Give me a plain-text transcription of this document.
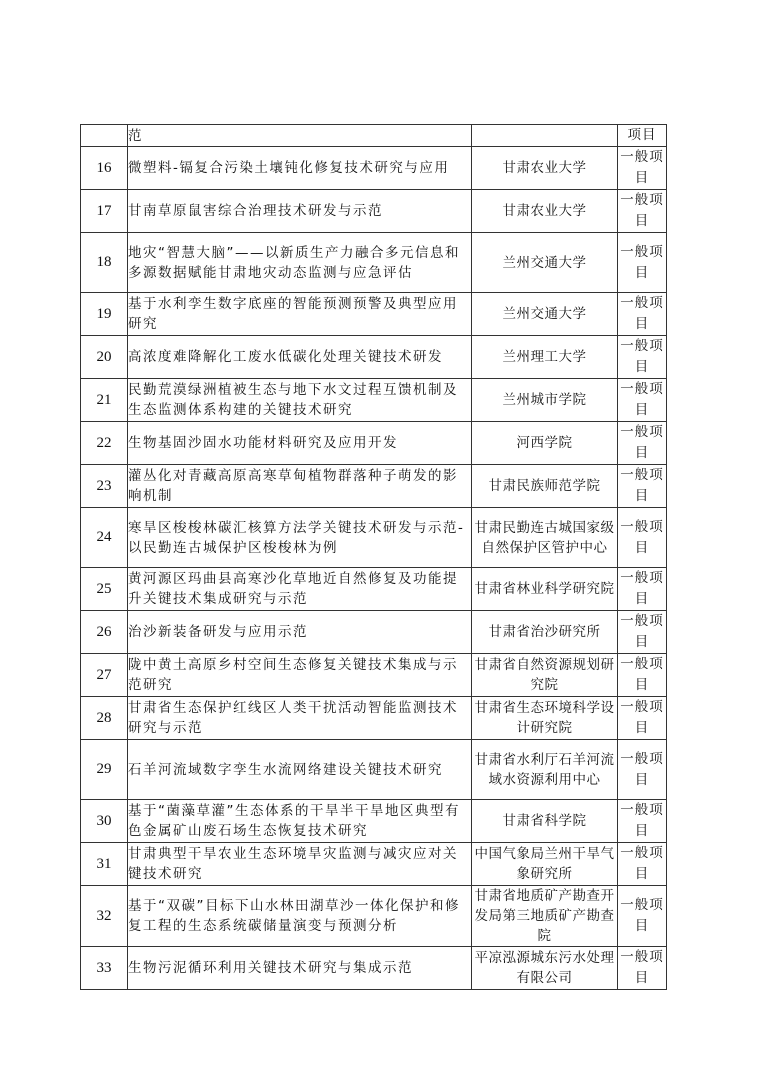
	范		项目
16	微塑料-镉复合污染土壤钝化修复技术研究与应用	甘肃农业大学	一般项目
17	甘南草原鼠害综合治理技术研发与示范	甘肃农业大学	一般项目
18	地灾“智慧大脑”——以新质生产力融合多元信息和多源数据赋能甘肃地灾动态监测与应急评估	兰州交通大学	一般项目
19	基于水利孪生数字底座的智能预测预警及典型应用研究	兰州交通大学	一般项目
20	高浓度难降解化工废水低碳化处理关键技术研发	兰州理工大学	一般项目
21	民勤荒漠绿洲植被生态与地下水文过程互馈机制及生态监测体系构建的关键技术研究	兰州城市学院	一般项目
22	生物基固沙固水功能材料研究及应用开发	河西学院	一般项目
23	灌丛化对青藏高原高寒草甸植物群落种子萌发的影响机制	甘肃民族师范学院	一般项目
24	寒旱区梭梭林碳汇核算方法学关键技术研发与示范-以民勤连古城保护区梭梭林为例	甘肃民勤连古城国家级自然保护区管护中心	一般项目
25	黄河源区玛曲县高寒沙化草地近自然修复及功能提升关键技术集成研究与示范	甘肃省林业科学研究院	一般项目
26	治沙新装备研发与应用示范	甘肃省治沙研究所	一般项目
27	陇中黄土高原乡村空间生态修复关键技术集成与示范研究	甘肃省自然资源规划研究院	一般项目
28	甘肃省生态保护红线区人类干扰活动智能监测技术研究与示范	甘肃省生态环境科学设计研究院	一般项目
29	石羊河流域数字孪生水流网络建设关键技术研究	甘肃省水利厅石羊河流域水资源利用中心	一般项目
30	基于“菌藻草灌”生态体系的干旱半干旱地区典型有色金属矿山废石场生态恢复技术研究	甘肃省科学院	一般项目
31	甘肃典型干旱农业生态环境旱灾监测与减灾应对关键技术研究	中国气象局兰州干旱气象研究所	一般项目
32	基于“双碳”目标下山水林田湖草沙一体化保护和修复工程的生态系统碳储量演变与预测分析	甘肃省地质矿产勘查开发局第三地质矿产勘查院	一般项目
33	生物污泥循环利用关键技术研究与集成示范	平凉泓源城东污水处理有限公司	一般项目
